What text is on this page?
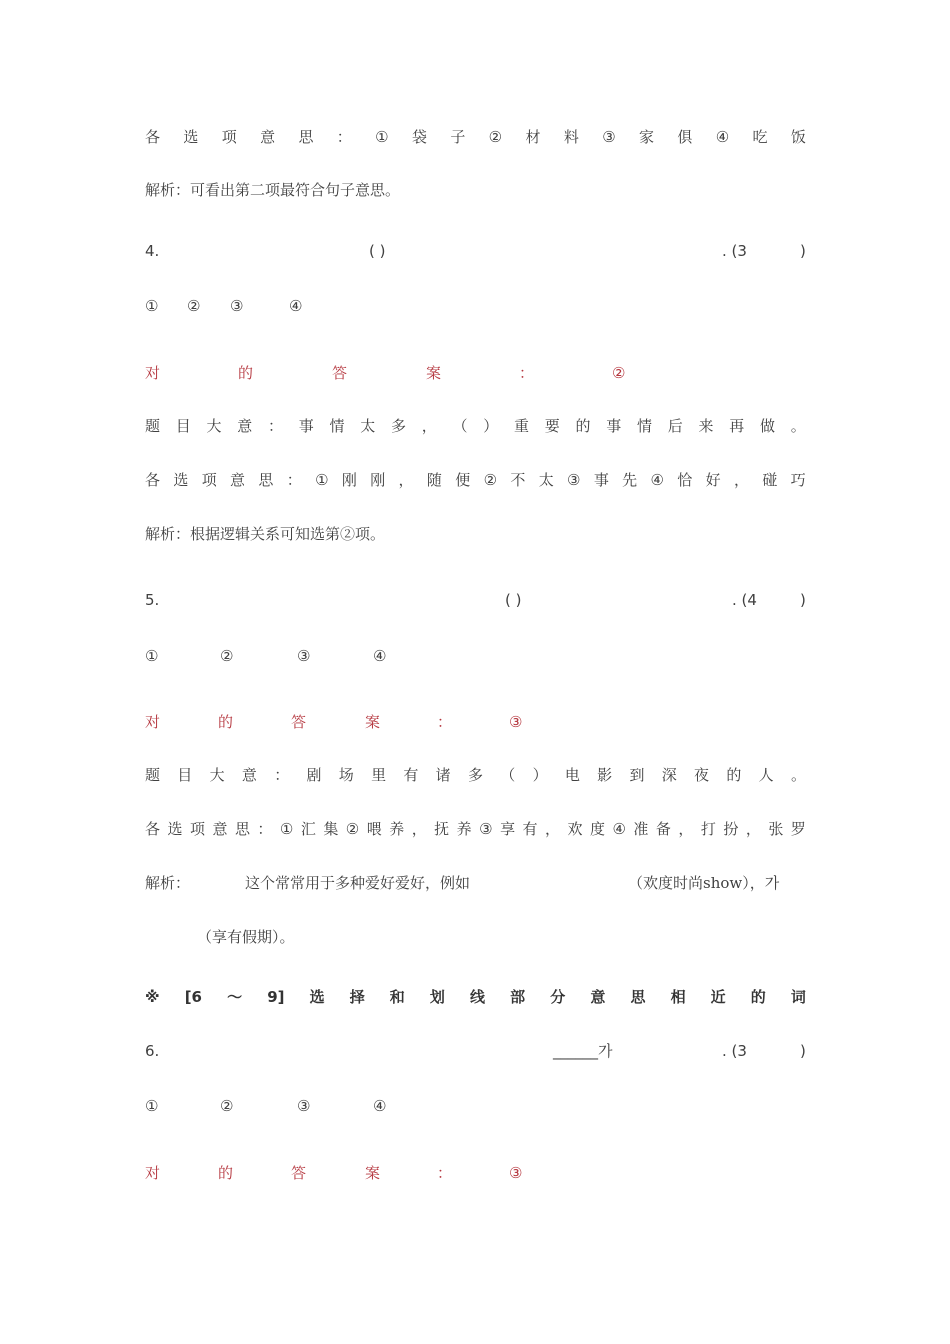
各 选 项 意 思 ： ① 袋 子 ② 材 料 ③ 家 俱 ④ 吃 饭
解析：可看出第二项最符合句子意思。
4.	( )	. (3	)
① ② ③	④
对	的	答	案	：	②
题 目 大 意 ： 事 情 太 多 ， （ ） 重 要 的 事 情 后 来 再 做 。
各 选 项 意 思 ： ① 刚 刚 ， 随 便 ② 不 太 ③ 事 先 ④ 恰 好 ， 碰 巧
解析：根据逻辑关系可知选第②项。
5.	( )	. (4	)
①	②	③	④
对	的	答	案	：	③
题 目 大 意 ： 剧 场 里 有 诸 多 （ ） 电 影 到 深 夜 的 人 。
各 选 项 意 思 ： ① 汇 集 ② 喂 养 ， 抚 养 ③ 享 有 ， 欢 度 ④ 准 备 ， 打 扮 ， 张 罗
解析：	这个常常用于多种爱好爱好，例如	（欢度时尚show），가
（享有假期）。
※ [6 ～ 9] 选 择 和 划 线 部 分 意 思 相 近 的 词
6.	______가	. (3	)
①	②	③	④
对	的	答	案	：	③
